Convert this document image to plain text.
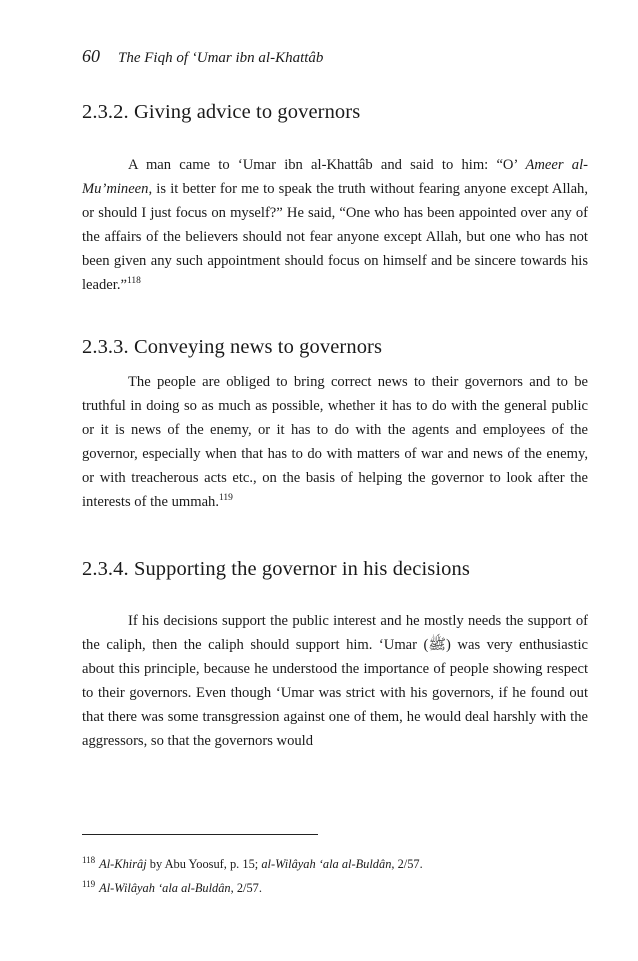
60 The Fiqh of ‘Umar ibn al-Khattâb
2.3.2. Giving advice to governors

A man came to ‘Umar ibn al-Khattâb and said to him: “O’ Ameer al-Mu’mineen, is it better for me to speak the truth without fearing anyone except Allah, or should I just focus on myself?” He said, “One who has been appointed over any of the affairs of the believers should not fear anyone except Allah, but one who has not been given any such appointment should focus on himself and be sincere towards his leader.”$^{118}$

2.3.3. Conveying news to governors

The people are obliged to bring correct news to their governors and to be truthful in doing so as much as possible, whether it has to do with the general public or it is news of the enemy, or it has to do with the agents and employees of the governor, especially when that has to do with matters of war and news of the enemy, or with treacherous acts etc., on the basis of helping the governor to look after the interests of the ummah.$^{119}$

2.3.4. Supporting the governor in his decisions

If his decisions support the public interest and he mostly needs the support of the caliph, then the caliph should support him. ‘Umar (ﷺ) was very enthusiastic about this principle, because he understood the importance of people showing respect to their governors. Even though ‘Umar was strict with his governors, if he found out that there was some transgression against one of them, he would deal harshly with the aggressors, so that the governors would

$^{118}$ Al-Khirâj by Abu Yoosuf, p. 15; al-Wilâyah ‘ala al-Buldân, 2/57.

$^{119}$ Al-Wilâyah ‘ala al-Buldân, 2/57.
